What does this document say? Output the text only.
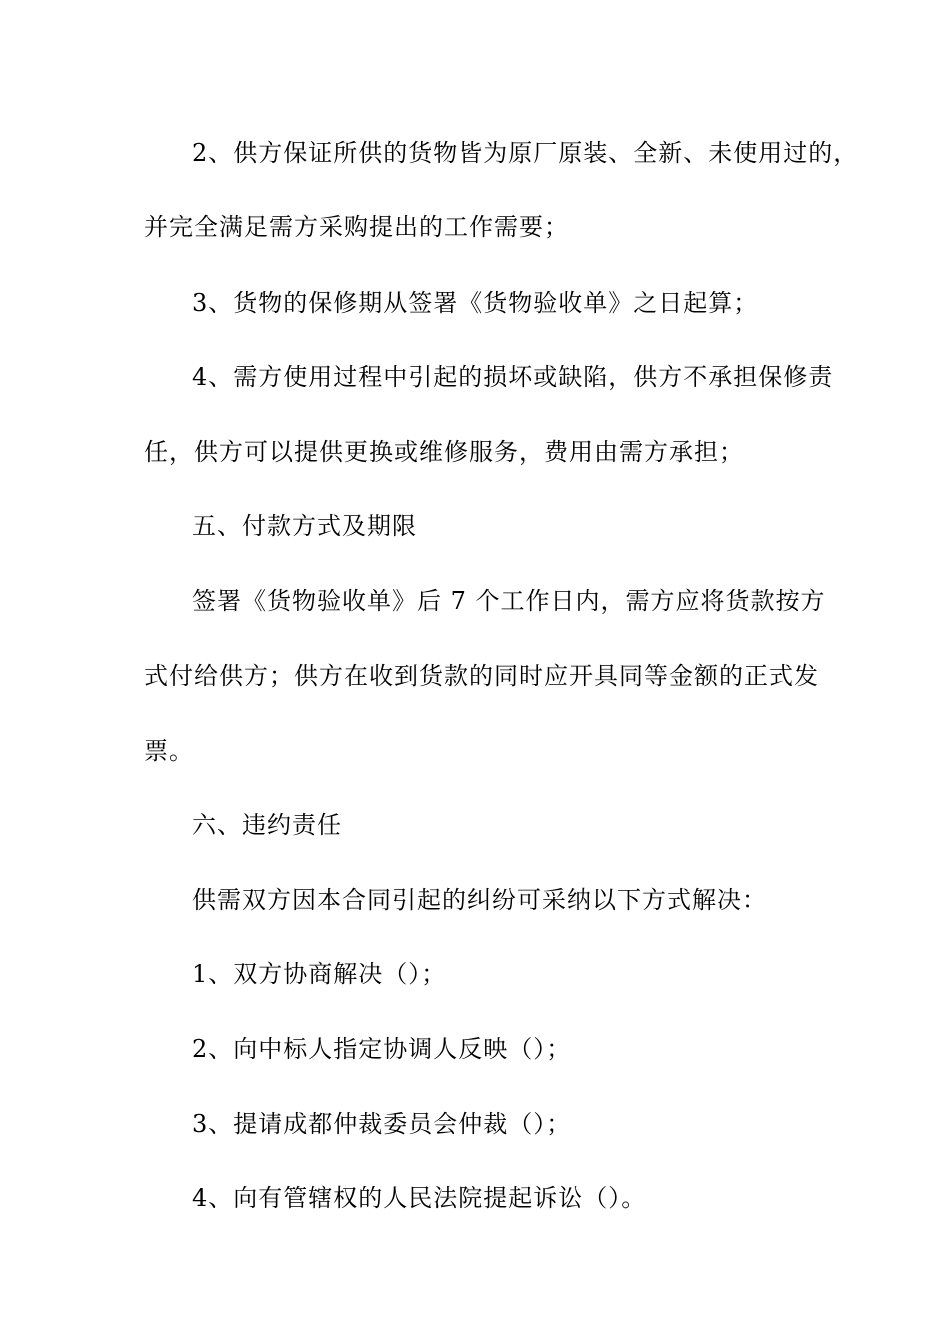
2、供方保证所供的货物皆为原厂原装、全新、未使用过的，
并完全满足需方采购提出的工作需要；
3、货物的保修期从签署《货物验收单》之日起算；
4、需方使用过程中引起的损坏或缺陷，供方不承担保修责
任，供方可以提供更换或维修服务，费用由需方承担；
五、付款方式及期限
签署《货物验收单》后 7 个工作日内，需方应将货款按方
式付给供方；供方在收到货款的同时应开具同等金额的正式发
票。
六、违约责任
供需双方因本合同引起的纠纷可采纳以下方式解决：
1、双方协商解决（）；
2、向中标人指定协调人反映（）；
3、提请成都仲裁委员会仲裁（）；
4、向有管辖权的人民法院提起诉讼（）。
